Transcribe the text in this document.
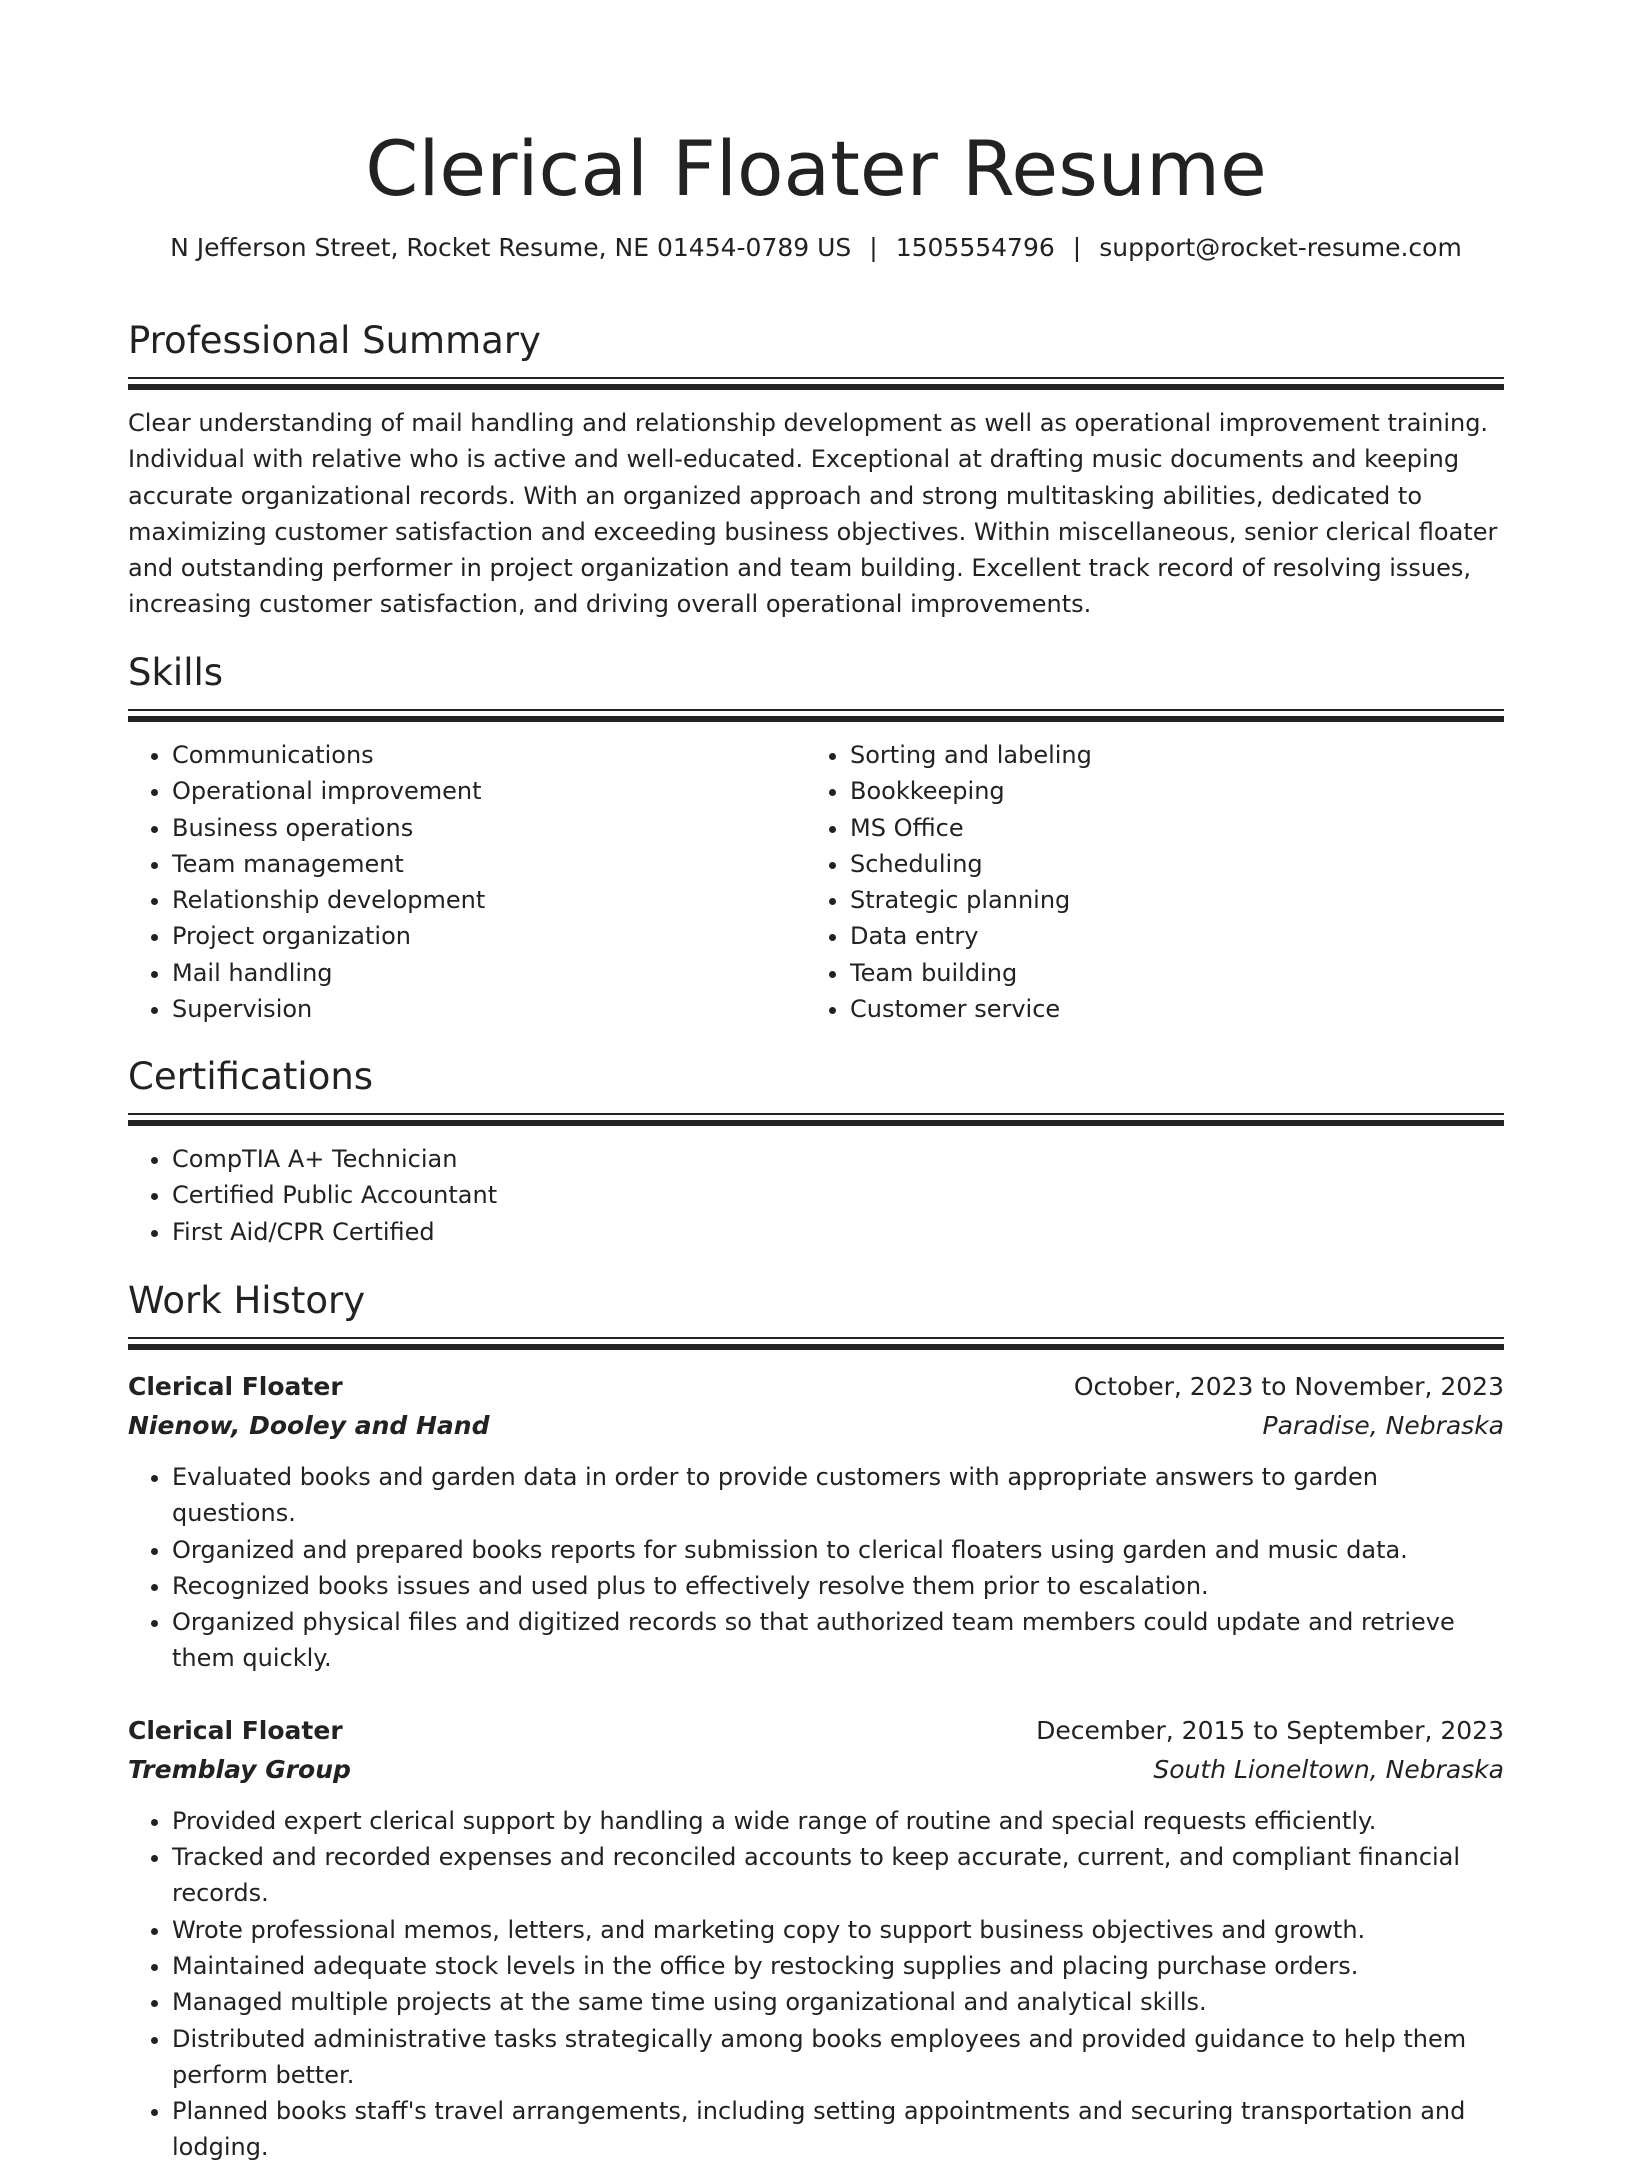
Clerical Floater Resume
N Jefferson Street, Rocket Resume, NE 01454-0789 US | 1505554796 | support@rocket-resume.com
Professional Summary

Clear understanding of mail handling and relationship development as well as operational improvement training. Individual with relative who is active and well-educated. Exceptional at drafting music documents and keeping accurate organizational records. With an organized approach and strong multitasking abilities, dedicated to maximizing customer satisfaction and exceeding business objectives. Within miscellaneous, senior clerical floater and outstanding performer in project organization and team building. Excellent track record of resolving issues, increasing customer satisfaction, and driving overall operational improvements.

Skills
• Communications
• Operational improvement
• Business operations
• Team management
• Relationship development
• Project organization
• Mail handling
• Supervision
• Sorting and labeling
• Bookkeeping
• MS Office
• Scheduling
• Strategic planning
• Data entry
• Team building
• Customer service
Certifications
• CompTIA A+ Technician
• Certified Public Accountant
• First Aid/CPR Certified
Work History
Clerical Floater	October, 2023 to November, 2023
Nienow, Dooley and Hand	Paradise, Nebraska
• Evaluated books and garden data in order to provide customers with appropriate answers to garden questions.
• Organized and prepared books reports for submission to clerical floaters using garden and music data.
• Recognized books issues and used plus to effectively resolve them prior to escalation.
• Organized physical files and digitized records so that authorized team members could update and retrieve them quickly.
Clerical Floater	December, 2015 to September, 2023
Tremblay Group	South Lioneltown, Nebraska
• Provided expert clerical support by handling a wide range of routine and special requests efficiently.
• Tracked and recorded expenses and reconciled accounts to keep accurate, current, and compliant financial records.
• Wrote professional memos, letters, and marketing copy to support business objectives and growth.
• Maintained adequate stock levels in the office by restocking supplies and placing purchase orders.
• Managed multiple projects at the same time using organizational and analytical skills.
• Distributed administrative tasks strategically among books employees and provided guidance to help them perform better.
• Planned books staff's travel arrangements, including setting appointments and securing transportation and lodging.
